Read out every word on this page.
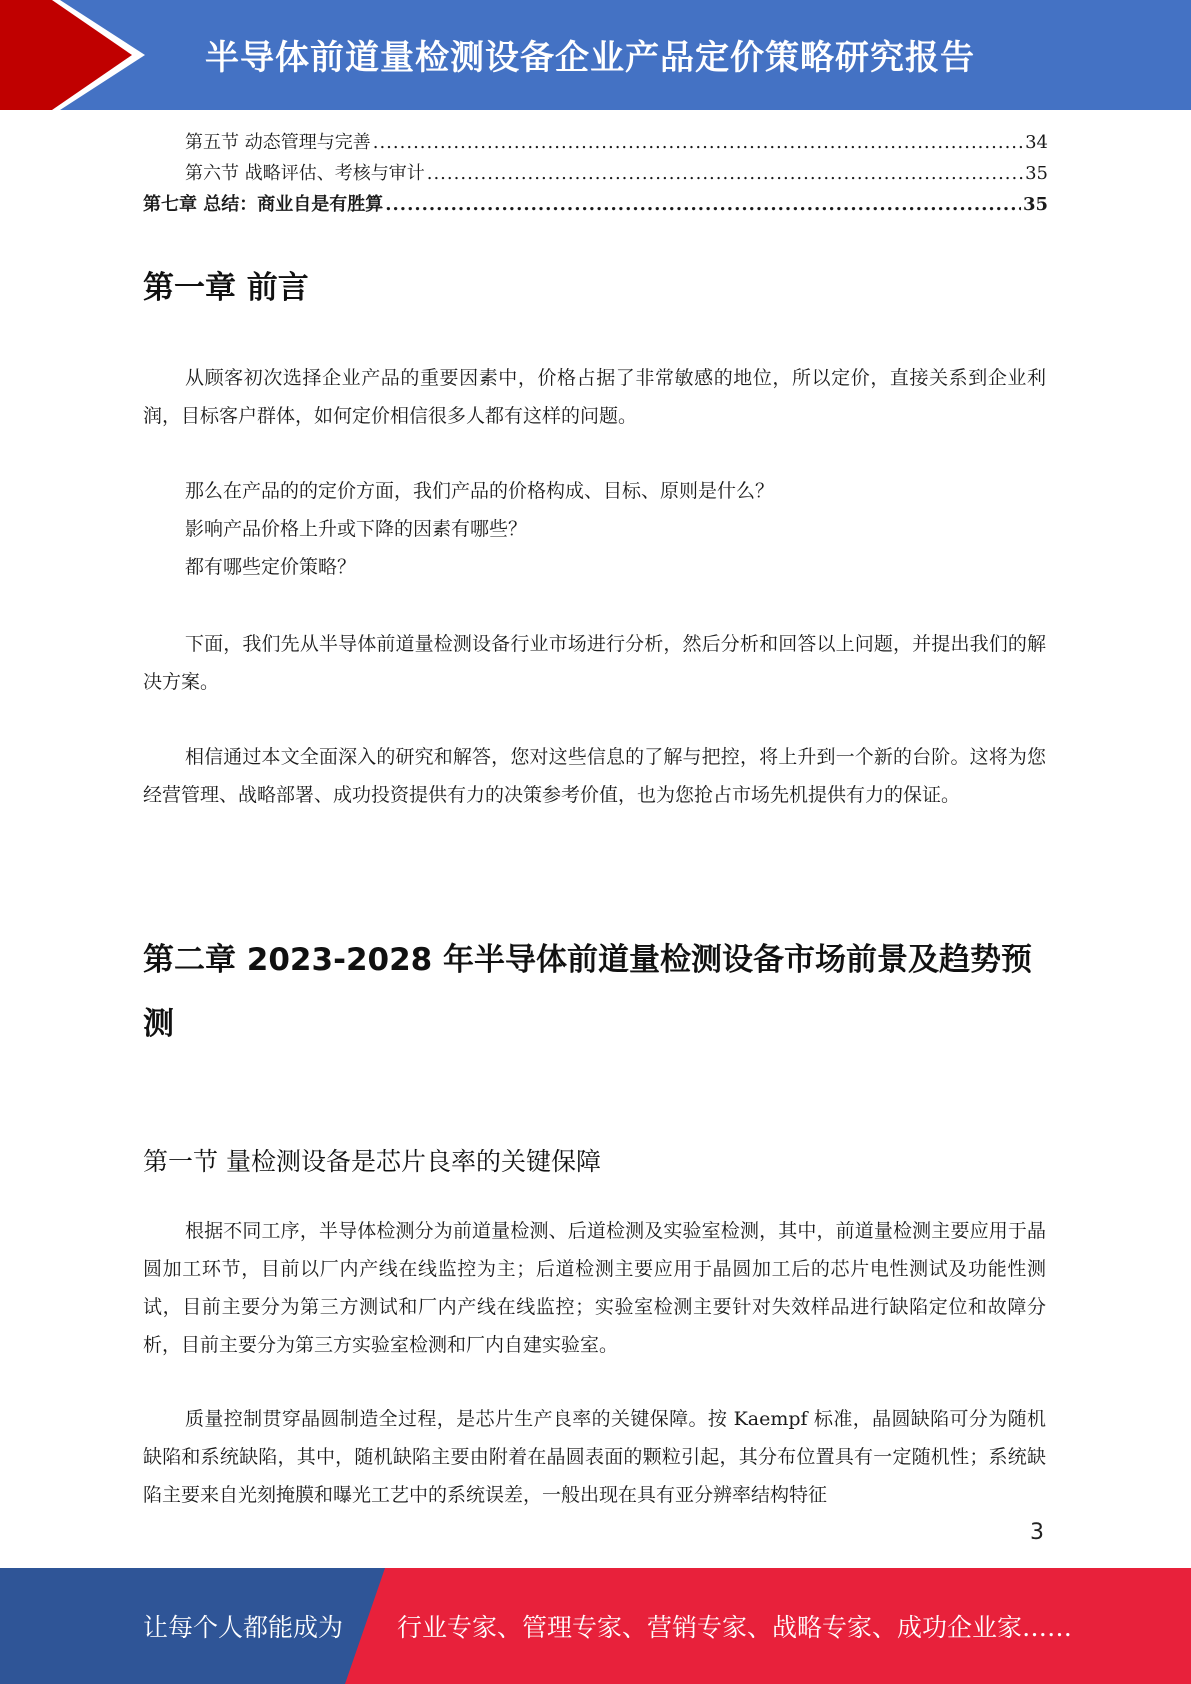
半导体前道量检测设备企业产品定价策略研究报告
第五节 动态管理与完善 .....	34
第六节 战略评估、考核与审计 .....	35
第七章 总结：商业自是有胜算 .....	35
第一章 前言

从顾客初次选择企业产品的重要因素中，价格占据了非常敏感的地位，所以定价，直接关系到企业利润，目标客户群体，如何定价相信很多人都有这样的问题。

那么在产品的的定价方面，我们产品的价格构成、目标、原则是什么？
影响产品价格上升或下降的因素有哪些？
都有哪些定价策略？

下面，我们先从半导体前道量检测设备行业市场进行分析，然后分析和回答以上问题，并提出我们的解决方案。

相信通过本文全面深入的研究和解答，您对这些信息的了解与把控，将上升到一个新的台阶。这将为您经营管理、战略部署、成功投资提供有力的决策参考价值，也为您抢占市场先机提供有力的保证。

第二章 2023-2028 年半导体前道量检测设备市场前景及趋势预
测
第一节 量检测设备是芯片良率的关键保障

根据不同工序，半导体检测分为前道量检测、后道检测及实验室检测，其中，前道量检测主要应用于晶圆加工环节，目前以厂内产线在线监控为主；后道检测主要应用于晶圆加工后的芯片电性测试及功能性测试，目前主要分为第三方测试和厂内产线在线监控；实验室检测主要针对失效样品进行缺陷定位和故障分析，目前主要分为第三方实验室检测和厂内自建实验室。

质量控制贯穿晶圆制造全过程，是芯片生产良率的关键保障。按 Kaempf 标准，晶圆缺陷可分为随机缺陷和系统缺陷，其中，随机缺陷主要由附着在晶圆表面的颗粒引起，其分布位置具有一定随机性；系统缺陷主要来自光刻掩膜和曝光工艺中的系统误差，一般出现在具有亚分辨率结构特征

3
让每个人都能成为 行业专家、管理专家、营销专家、战略专家、成功企业家……
